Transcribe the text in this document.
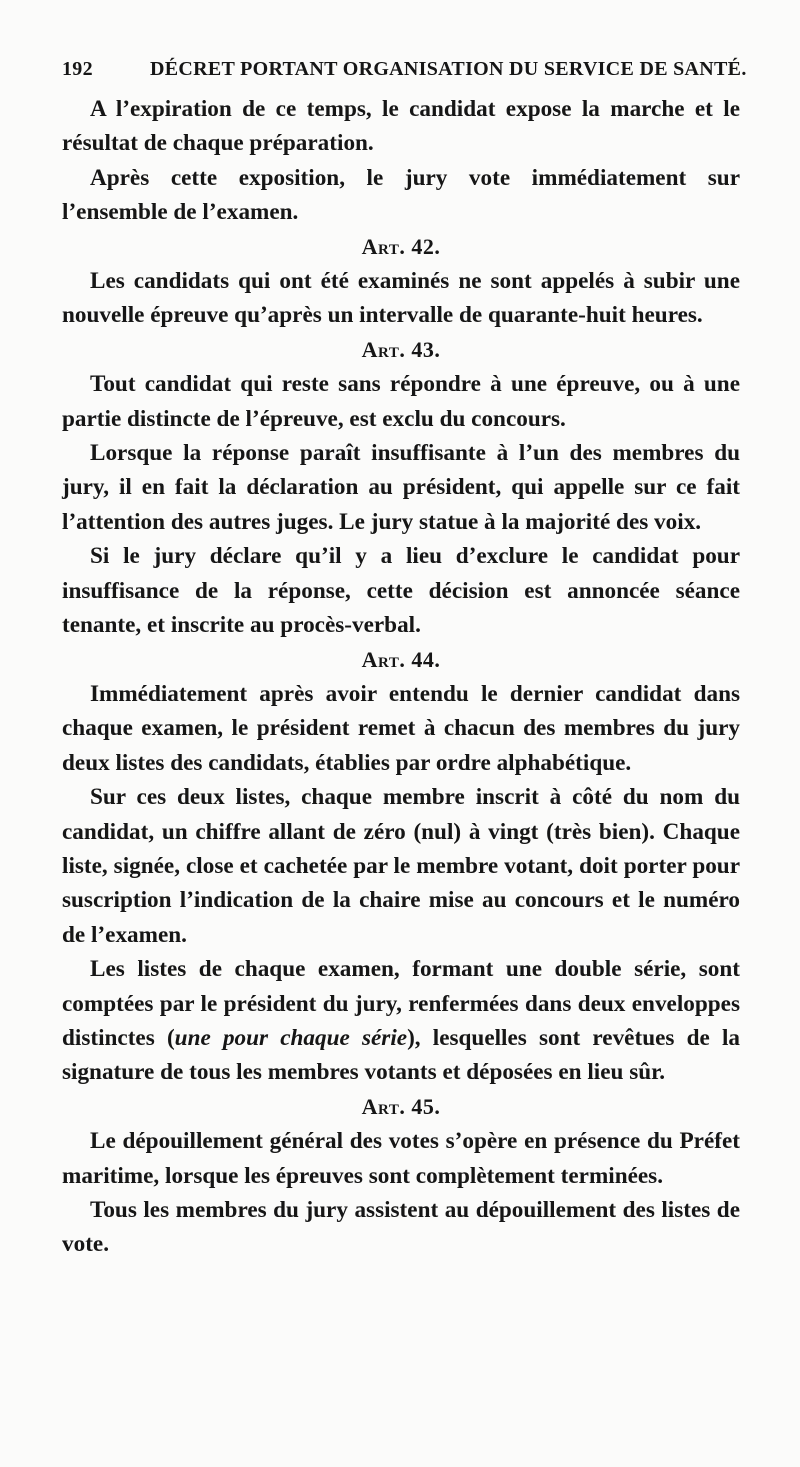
192	DÉCRET PORTANT ORGANISATION DU SERVICE DE SANTÉ.

A l’expiration de ce temps, le candidat expose la marche et le résultat de chaque préparation.

Après cette exposition, le jury vote immédiatement sur l’ensemble de l’examen.

Art. 42.

Les candidats qui ont été examinés ne sont appelés à subir une nouvelle épreuve qu’après un intervalle de quarante-huit heures.

Art. 43.

Tout candidat qui reste sans répondre à une épreuve, ou à une partie distincte de l’épreuve, est exclu du concours.

Lorsque la réponse paraît insuffisante à l’un des membres du jury, il en fait la déclaration au président, qui appelle sur ce fait l’attention des autres juges. Le jury statue à la majorité des voix.

Si le jury déclare qu’il y a lieu d’exclure le candidat pour insuffisance de la réponse, cette décision est annoncée séance tenante, et inscrite au procès-verbal.

Art. 44.

Immédiatement après avoir entendu le dernier candidat dans chaque examen, le président remet à chacun des membres du jury deux listes des candidats, établies par ordre alphabétique.

Sur ces deux listes, chaque membre inscrit à côté du nom du candidat, un chiffre allant de zéro (nul) à vingt (très bien). Chaque liste, signée, close et cachetée par le membre votant, doit porter pour suscription l’indication de la chaire mise au concours et le numéro de l’examen.

Les listes de chaque examen, formant une double série, sont comptées par le président du jury, renfermées dans deux enveloppes distinctes (une pour chaque série), lesquelles sont revêtues de la signature de tous les membres votants et déposées en lieu sûr.

Art. 45.

Le dépouillement général des votes s’opère en présence du Préfet maritime, lorsque les épreuves sont complètement terminées.

Tous les membres du jury assistent au dépouillement des listes de vote.
